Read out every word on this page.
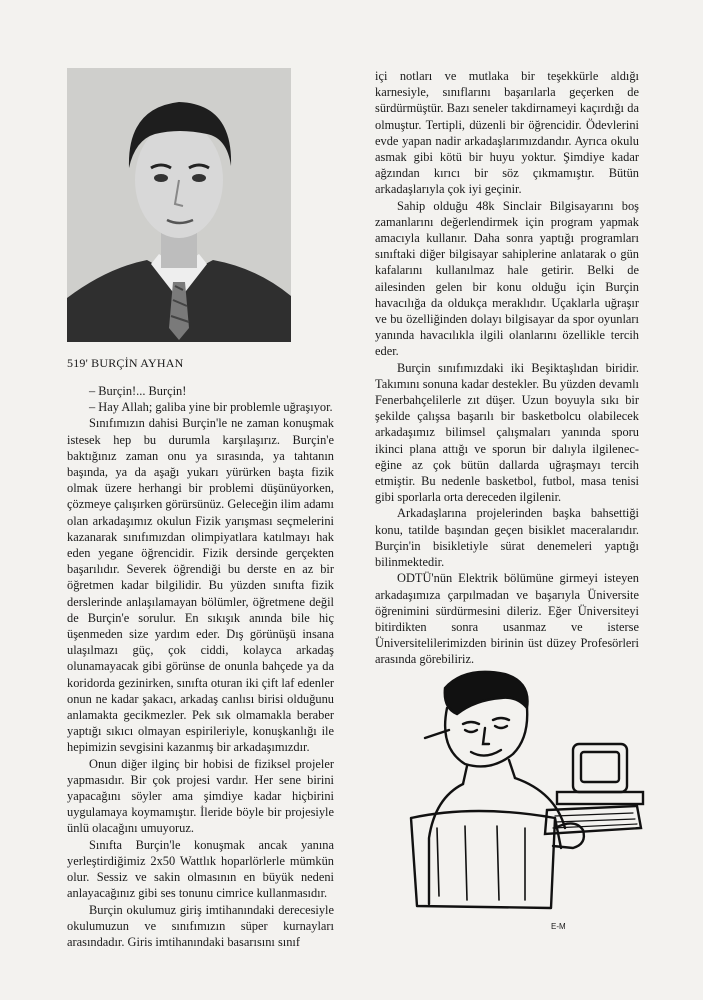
519' BURÇİN AYHAN

– Burçin!... Burçin!

– Hay Allah; galiba yine bir problemle uğraşıyor.

Sınıfımızın dahisi Burçin'le ne zaman konuşmak istesek hep bu durumla karşılaşırız. Burçin'e baktığınız zaman onu ya sırasında, ya tahtanın başında, ya da aşağı yukarı yürürken başta fizik olmak üzere herhangi bir problemi düşünüyorken, çözmeye çalışırken görürsünüz. Geleceğin ilim adamı olan arkadaşımız okulun Fizik yarışması seçmelerini kazanarak sınıfımızdan olimpiyatlara katılmayı hak eden yegane öğrencidir. Fizik dersinde gerçekten başarılıdır. Severek öğrendiği bu derste en az bir öğretmen kadar bilgilidir. Bu yüzden sınıfta fizik derslerinde anlaşılamayan bölümler, öğretmene değil de Burçin'e sorulur. En sıkışık anında bile hiç üşenmeden size yardım eder. Dış görünüşü insana ulaşılmazı güç, çok ciddi, kolayca arkadaş olunamayacak gibi görünse de onunla bahçede ya da koridorda gezinirken, sınıfta oturan iki çift laf edenler onun ne kadar şakacı, arkadaş canlısı birisi olduğunu anlamakta gecikmezler. Pek sık olmamakla beraber yaptığı sıkıcı olmayan espirileriyle, konuşkanlığı ile hepimizin sevgisini kazanmış bir arkadaşımızdır.

Onun diğer ilginç bir hobisi de fiziksel projeler yapmasıdır. Bir çok projesi vardır. Her sene birini yapacağını söyler ama şimdiye kadar hiçbirini uygulamaya koymamıştır. İleride böyle bir projesiyle ünlü olacağını umuyoruz.

Sınıfta Burçin'le konuşmak ancak yanına yerleştirdiğimiz 2x50 Wattlık hoparlörlerle mümkün olur. Sessiz ve sakin olmasının en büyük nedeni anlayacağınız gibi ses tonunu cimrice kullanmasıdır.

Burçin okulumuz giriş imtihanındaki derecesiyle okulumuzun ve sınıfımızın süper kurnayları arasındadır. Giris imtihanındaki basarısını sınıf

içi notları ve mutlaka bir teşekkürle aldığı karnesiyle, sınıflarını başarılarla geçerken de sürdürmüştür. Bazı seneler takdirnameyi kaçırdığı da olmuştur. Tertipli, düzenli bir öğrencidir. Ödevlerini evde yapan nadir arkadaşlarımızdandır. Ayrıca okulu asmak gibi kötü bir huyu yoktur. Şimdiye kadar ağzından kırıcı bir söz çıkmamıştır. Bütün arkadaşlarıyla çok iyi geçinir.

Sahip olduğu 48k Sinclair Bilgisayarını boş zamanlarını değerlendirmek için program yapmak amacıyla kullanır. Daha sonra yaptığı programları sınıftaki diğer bilgisayar sahiplerine anlatarak o gün kafalarını kullanılmaz hale getirir. Belki de ailesinden gelen bir konu olduğu için Burçin havacılığa da oldukça meraklıdır. Uçaklarla uğraşır ve bu özelliğinden dolayı bilgisayar da spor oyunları yanında havacılıkla ilgili olanlarını özellikle tercih eder.

Burçin sınıfımızdaki iki Beşiktaşlıdan biridir. Takımını sonuna kadar destekler. Bu yüzden devamlı Fenerbahçelilerle zıt düşer. Uzun boyuyla sıkı bir şekilde çalışsa başarılı bir basketbolcu olabilecek arkadaşımız bilimsel çalışmaları yanında sporu ikinci plana attığı ve sporun bir dalıyla ilgileneceğine az çok bütün dallarda uğraşmayı tercih etmiştir. Bu nedenle basketbol, futbol, masa tenisi gibi sporlarla orta dereceden ilgilenir.

Arkadaşlarına projelerinden başka bahsettiği konu, tatilde başından geçen bisiklet maceralarıdır. Burçin'in bisikletiyle sürat denemeleri yaptığı bilinmektedir.

ODTÜ'nün Elektrik bölümüne girmeyi isteyen arkadaşımıza çarpılmadan ve başarıyla Üniversite öğrenimini sürdürmesini dileriz. Eğer Üniversiteyi bitirdikten sonra usanmaz ve isterse Üniversitelilerimizden birinin üst düzey Profesörleri arasında görebiliriz.

E-M
